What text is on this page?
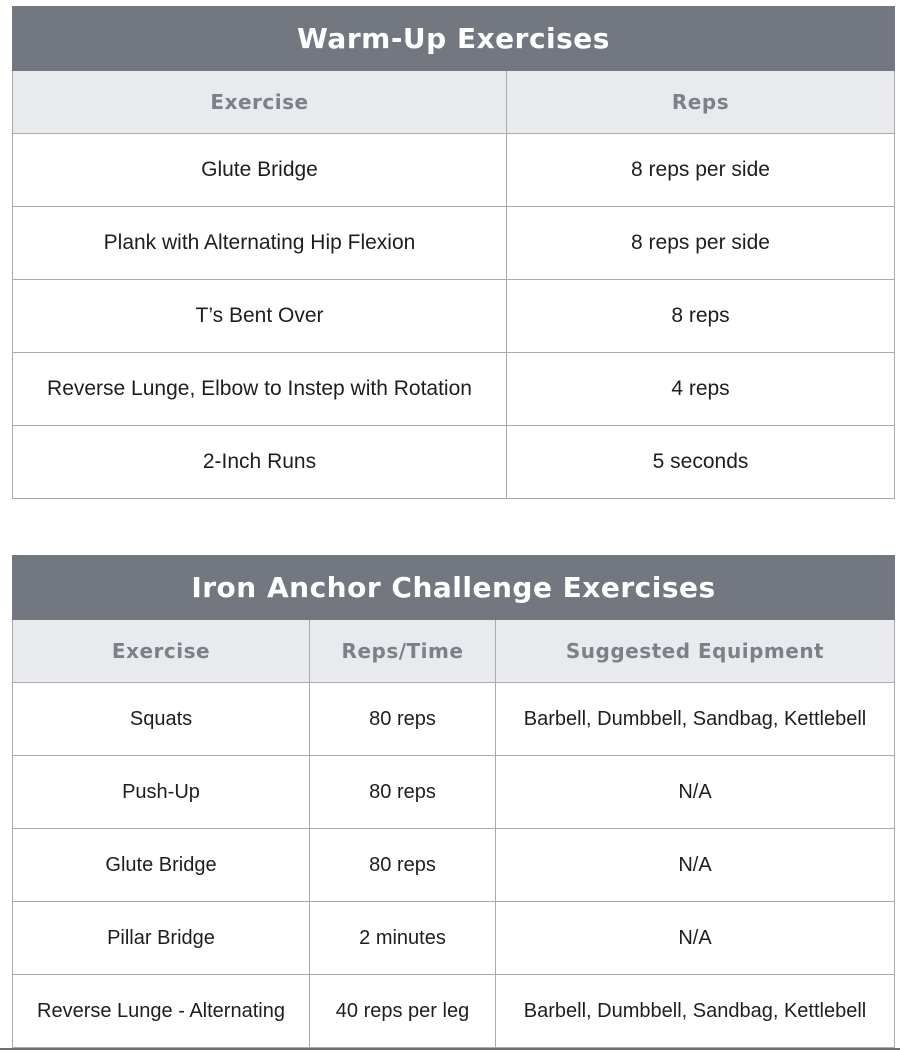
Warm-Up Exercises	
Exercise	Reps
Glute Bridge	8 reps per side
Plank with Alternating Hip Flexion	8 reps per side
T’s Bent Over	8 reps
Reverse Lunge, Elbow to Instep with Rotation	4 reps
2-Inch Runs	5 seconds
Iron Anchor Challenge Exercises		
Exercise	Reps/Time	Suggested Equipment
Squats	80 reps	Barbell, Dumbbell, Sandbag, Kettlebell
Push-Up	80 reps	N/A
Glute Bridge	80 reps	N/A
Pillar Bridge	2 minutes	N/A
Reverse Lunge - Alternating	40 reps per leg	Barbell, Dumbbell, Sandbag, Kettlebell
